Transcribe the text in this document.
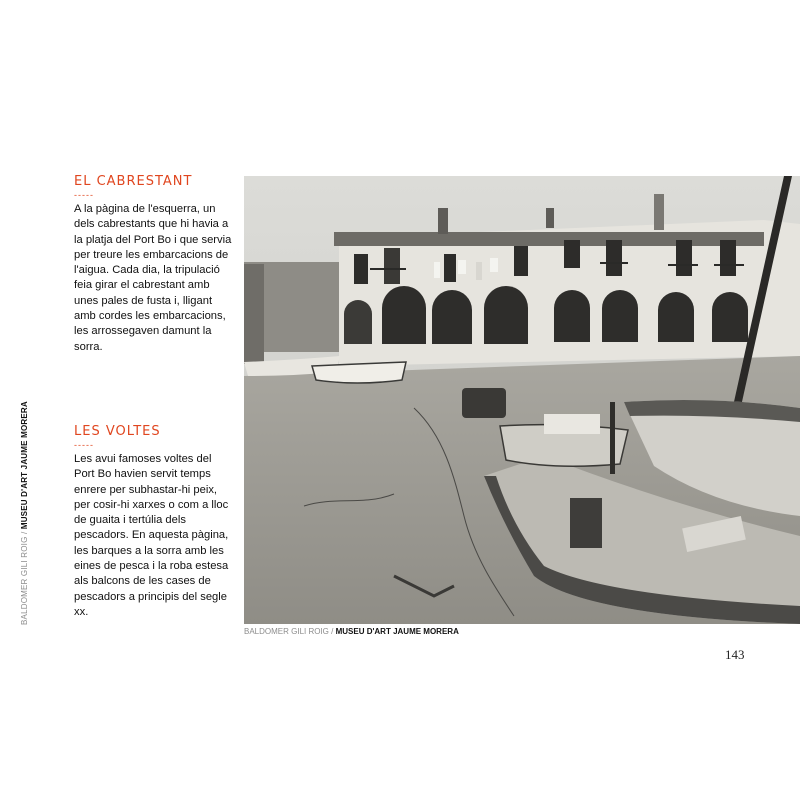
BALDOMER GILI ROIG / MUSEU D'ART JAUME MORERA
EL CABRESTANT
-----

A la pàgina de l'esquerra, un dels cabrestants que hi havia a la platja del Port Bo i que servia per treure les embarcacions de l'aigua. Cada dia, la tripulació feia girar el cabrestant amb unes pales de fusta i, lligant amb cordes les embarcacions, les arrossegaven damunt la sorra.

LES VOLTES
-----

Les avui famoses voltes del Port Bo havien servit temps enrere per subhastar-hi peix, per cosir-hi xarxes o com a lloc de guaita i tertúlia dels pescadors. En aquesta pàgina, les barques a la sorra amb les eines de pesca i la roba estesa als balcons de les cases de pescadors a principis del segle xx.

BALDOMER GILI ROIG / MUSEU D'ART JAUME MORERA
143
